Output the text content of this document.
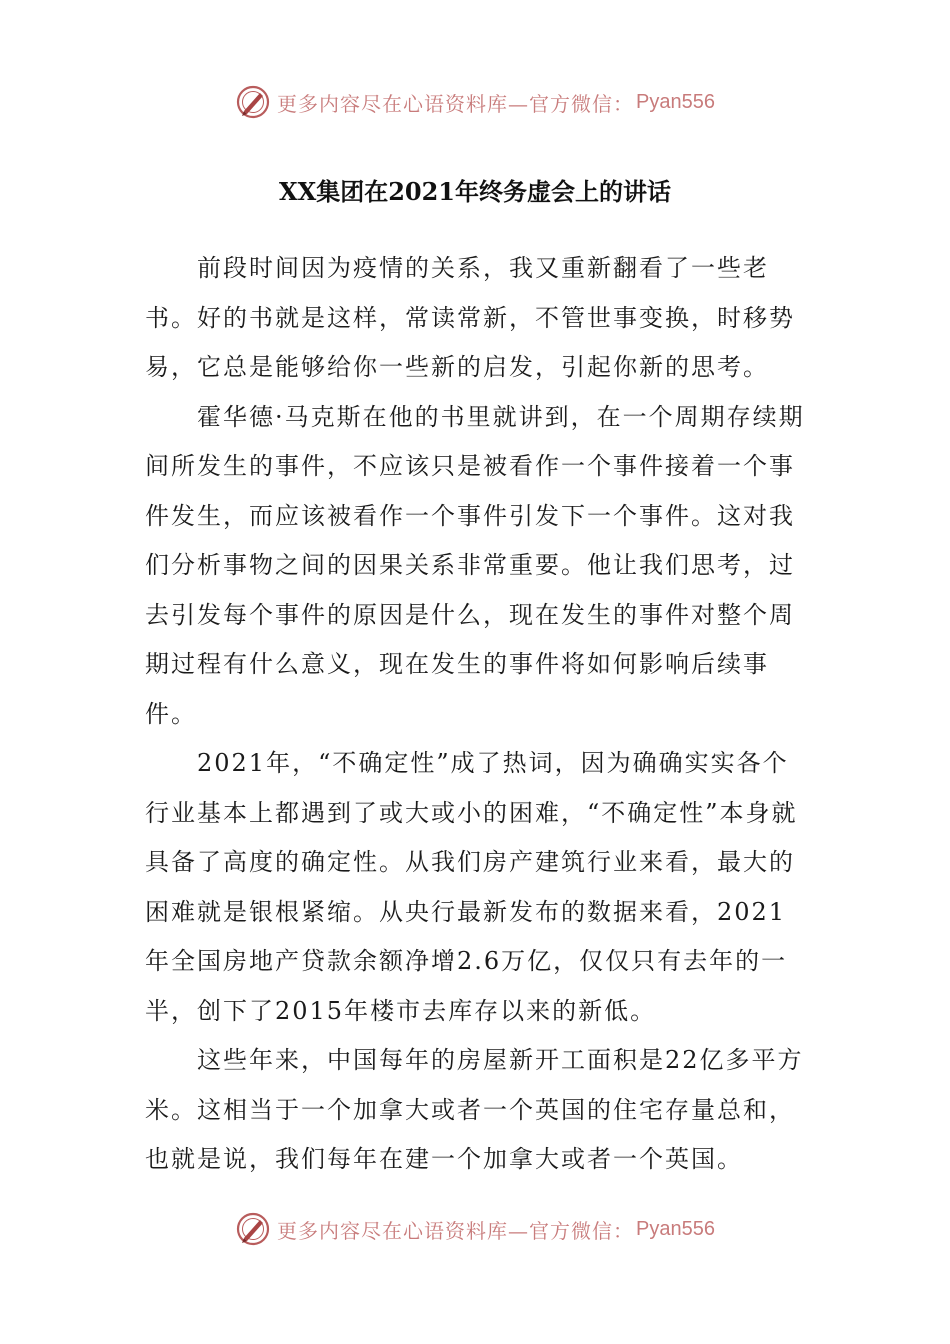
更多内容尽在心语资料库—官方微信： Pyan556
XX集团在2021年终务虚会上的讲话

前段时间因为疫情的关系，我又重新翻看了一些老书。好的书就是这样，常读常新，不管世事变换，时移势易，它总是能够给你一些新的启发，引起你新的思考。

霍华德·马克斯在他的书里就讲到，在一个周期存续期间所发生的事件，不应该只是被看作一个事件接着一个事件发生，而应该被看作一个事件引发下一个事件。这对我们分析事物之间的因果关系非常重要。他让我们思考，过去引发每个事件的原因是什么，现在发生的事件对整个周期过程有什么意义，现在发生的事件将如何影响后续事件。

2021年，“不确定性”成了热词，因为确确实实各个行业基本上都遇到了或大或小的困难，“不确定性”本身就具备了高度的确定性。从我们房产建筑行业来看，最大的困难就是银根紧缩。从央行最新发布的数据来看，2021年全国房地产贷款余额净增2.6万亿，仅仅只有去年的一半，创下了2015年楼市去库存以来的新低。

这些年来，中国每年的房屋新开工面积是22亿多平方米。这相当于一个加拿大或者一个英国的住宅存量总和，也就是说，我们每年在建一个加拿大或者一个英国。

更多内容尽在心语资料库—官方微信： Pyan556
